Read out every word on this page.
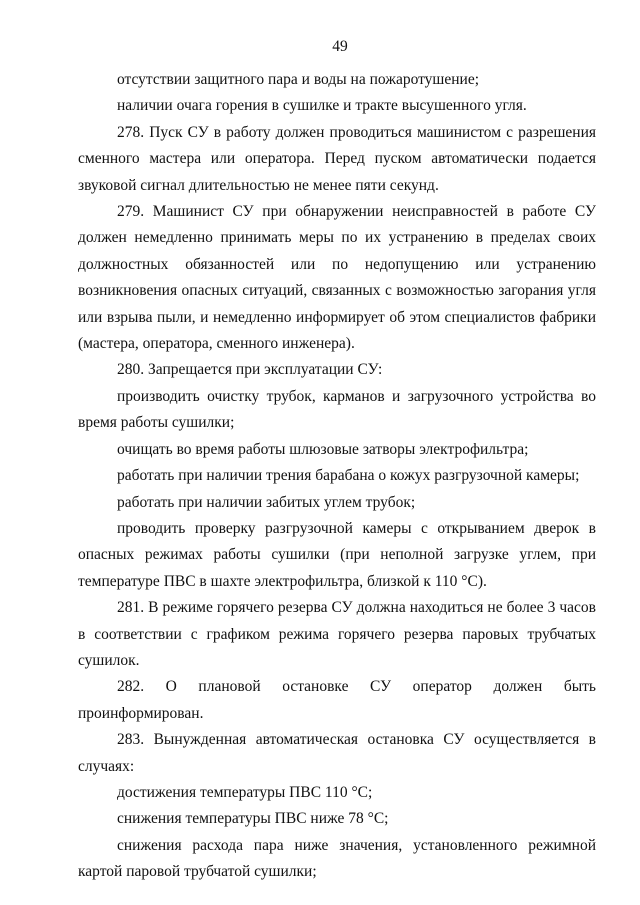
49

отсутствии защитного пара и воды на пожаротушение;

наличии очага горения в сушилке и тракте высушенного угля.

278. Пуск СУ в работу должен проводиться машинистом с разрешения сменного мастера или оператора. Перед пуском автоматически подается звуковой сигнал длительностью не менее пяти секунд.

279. Машинист СУ при обнаружении неисправностей в работе СУ должен немедленно принимать меры по их устранению в пределах своих должностных обязанностей или по недопущению или устранению возникновения опасных ситуаций, связанных с возможностью загорания угля или взрыва пыли, и немедленно информирует об этом специалистов фабрики (мастера, оператора, сменного инженера).

280. Запрещается при эксплуатации СУ:

производить очистку трубок, карманов и загрузочного устройства во время работы сушилки;

очищать во время работы шлюзовые затворы электрофильтра;

работать при наличии трения барабана о кожух разгрузочной камеры;

работать при наличии забитых углем трубок;

проводить проверку разгрузочной камеры с открыванием дверок в опасных режимах работы сушилки (при неполной загрузке углем, при температуре ПВС в шахте электрофильтра, близкой к 110 °С).

281. В режиме горячего резерва СУ должна находиться не более 3 часов в соответствии с графиком режима горячего резерва паровых трубчатых сушилок.

282. О плановой остановке СУ оператор должен быть проинформирован.

283. Вынужденная автоматическая остановка СУ осуществляется в случаях:

достижения температуры ПВС 110 °С;

снижения температуры ПВС ниже 78 °С;

снижения расхода пара ниже значения, установленного режимной картой паровой трубчатой сушилки;
